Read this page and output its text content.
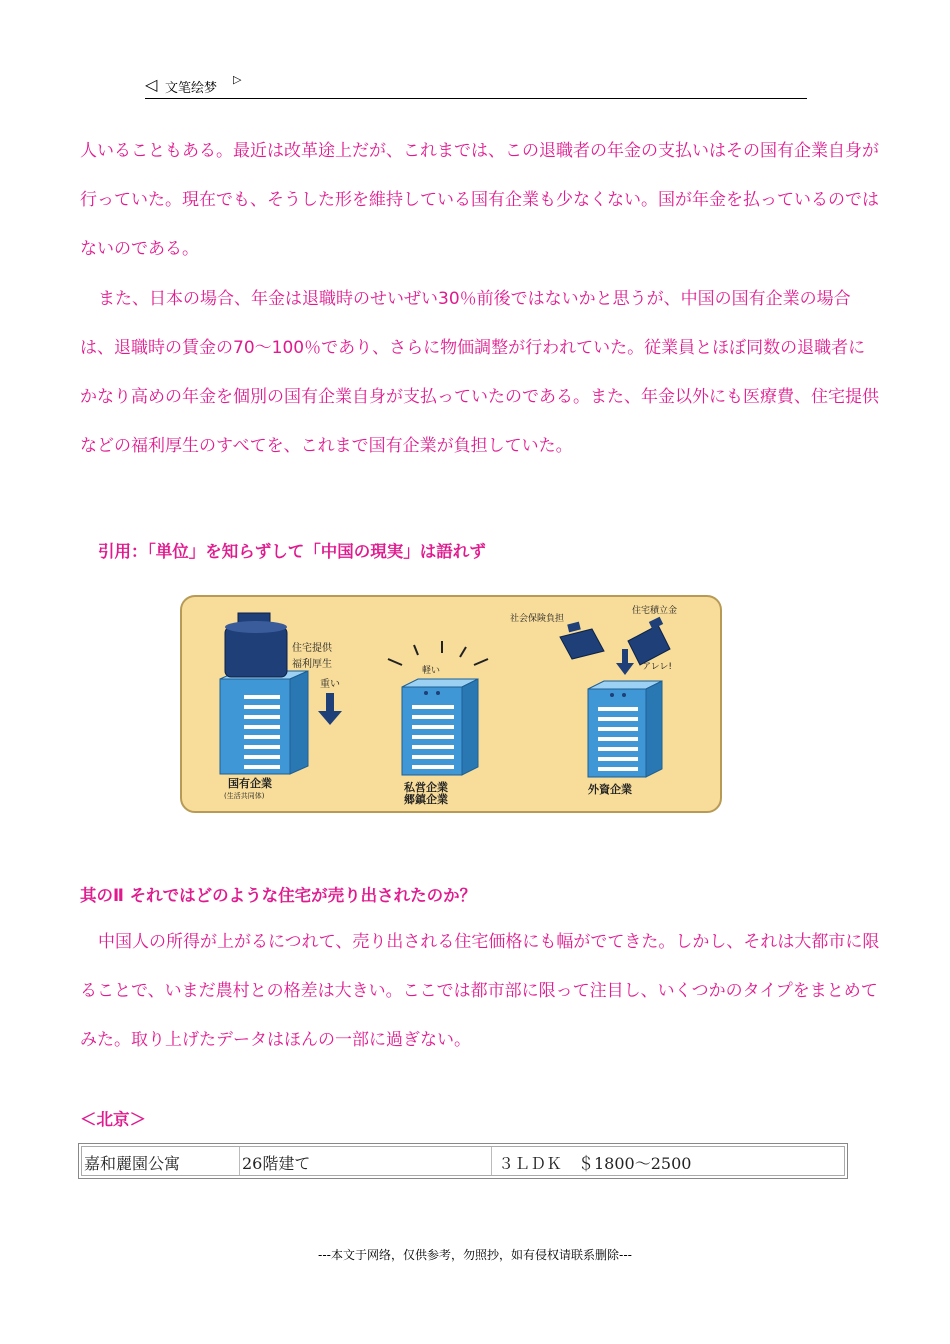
◁ 文笔绘梦
▷

人いることもある。最近は改革途上だが、これまでは、この退職者の年金の支払いはその国有企業自身が行っていた。現在でも、そうした形を維持している国有企業も少なくない。国が年金を払っているのではないのである。

また、日本の場合、年金は退職時のせいぜい30％前後ではないかと思うが、中国の国有企業の場合は、退職時の賃金の70～100％であり、さらに物価調整が行われていた。従業員とほぼ同数の退職者にかなり高めの年金を個別の国有企業自身が支払っていたのである。また、年金以外にも医療費、住宅提供などの福利厚生のすべてを、これまで国有企業が負担していた。

引用：「単位」を知らずして「中国の現実」は語れず
住宅提供
福利厚生
重い
国有企業
(生活共同体)
軽い
私営企業
郷鎮企業
社会保険負担
住宅積立金
アレレ!
外資企業
其のⅡ それではどのような住宅が売り出されたのか？

中国人の所得が上がるにつれて、売り出される住宅価格にも幅がでてきた。しかし、それは大都市に限ることで、いまだ農村との格差は大きい。ここでは都市部に限って注目し、いくつかのタイプをまとめてみた。取り上げたデータはほんの一部に過ぎない。

＜北京＞
嘉和麗園公寓	26階建て	３ＬＤＫ　＄1800～2500
---本文于网络，仅供参考，勿照抄，如有侵权请联系删除---
